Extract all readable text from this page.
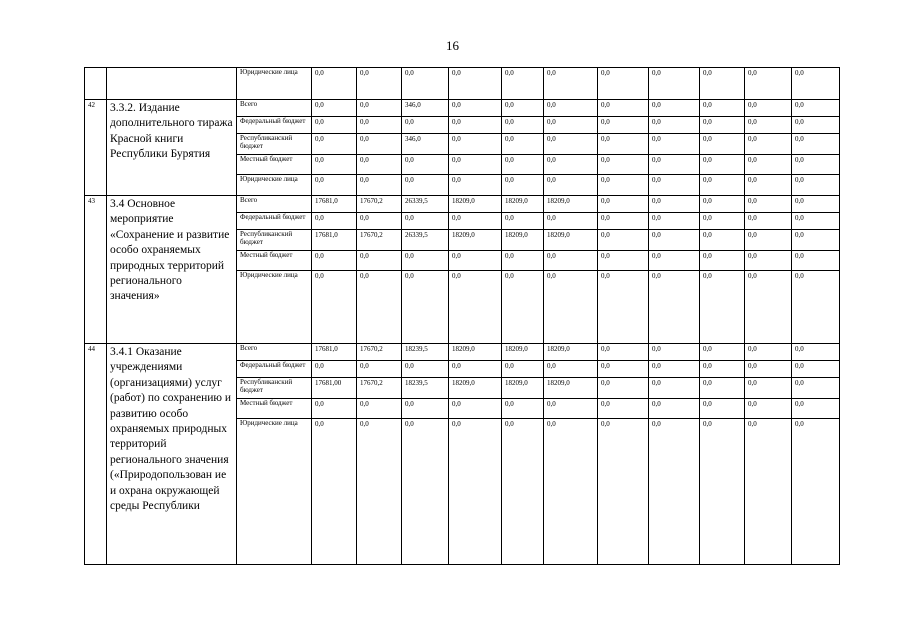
16
		Юридические лица	0,0	0,0	0,0	0,0	0,0	0,0	0,0	0,0	0,0	0,0	0,0
42	3.3.2. Издание дополнительного тиража Красной книги Республики Бурятия	Всего	0,0	0,0	346,0	0,0	0,0	0,0	0,0	0,0	0,0	0,0	0,0
		Федеральный бюджет	0,0	0,0	0,0	0,0	0,0	0,0	0,0	0,0	0,0	0,0	0,0
		Республиканский бюджет	0,0	0,0	346,0	0,0	0,0	0,0	0,0	0,0	0,0	0,0	0,0
		Местный бюджет	0,0	0,0	0,0	0,0	0,0	0,0	0,0	0,0	0,0	0,0	0,0
		Юридические лица	0,0	0,0	0,0	0,0	0,0	0,0	0,0	0,0	0,0	0,0	0,0
43	3.4 Основное мероприятие «Сохранение и развитие особо охраняемых природных территорий регионального значения»	Всего	17681,0	17670,2	26339,5	18209,0	18209,0	18209,0	0,0	0,0	0,0	0,0	0,0
		Федеральный бюджет	0,0	0,0	0,0	0,0	0,0	0,0	0,0	0,0	0,0	0,0	0,0
		Республиканский бюджет	17681,0	17670,2	26339,5	18209,0	18209,0	18209,0	0,0	0,0	0,0	0,0	0,0
		Местный бюджет	0,0	0,0	0,0	0,0	0,0	0,0	0,0	0,0	0,0	0,0	0,0
		Юридические лица	0,0	0,0	0,0	0,0	0,0	0,0	0,0	0,0	0,0	0,0	0,0
44	3.4.1 Оказание учреждениями (организациями) услуг (работ) по сохранению и развитию особо охраняемых природных территорий регионального значения («Природопользован ие и охрана окружающей среды Республики	Всего	17681,0	17670,2	18239,5	18209,0	18209,0	18209,0	0,0	0,0	0,0	0,0	0,0
		Федеральный бюджет	0,0	0,0	0,0	0,0	0,0	0,0	0,0	0,0	0,0	0,0	0,0
		Республиканский бюджет	17681,00	17670,2	18239,5	18209,0	18209,0	18209,0	0,0	0,0	0,0	0,0	0,0
		Местный бюджет	0,0	0,0	0,0	0,0	0,0	0,0	0,0	0,0	0,0	0,0	0,0
		Юридические лица	0,0	0,0	0,0	0,0	0,0	0,0	0,0	0,0	0,0	0,0	0,0
